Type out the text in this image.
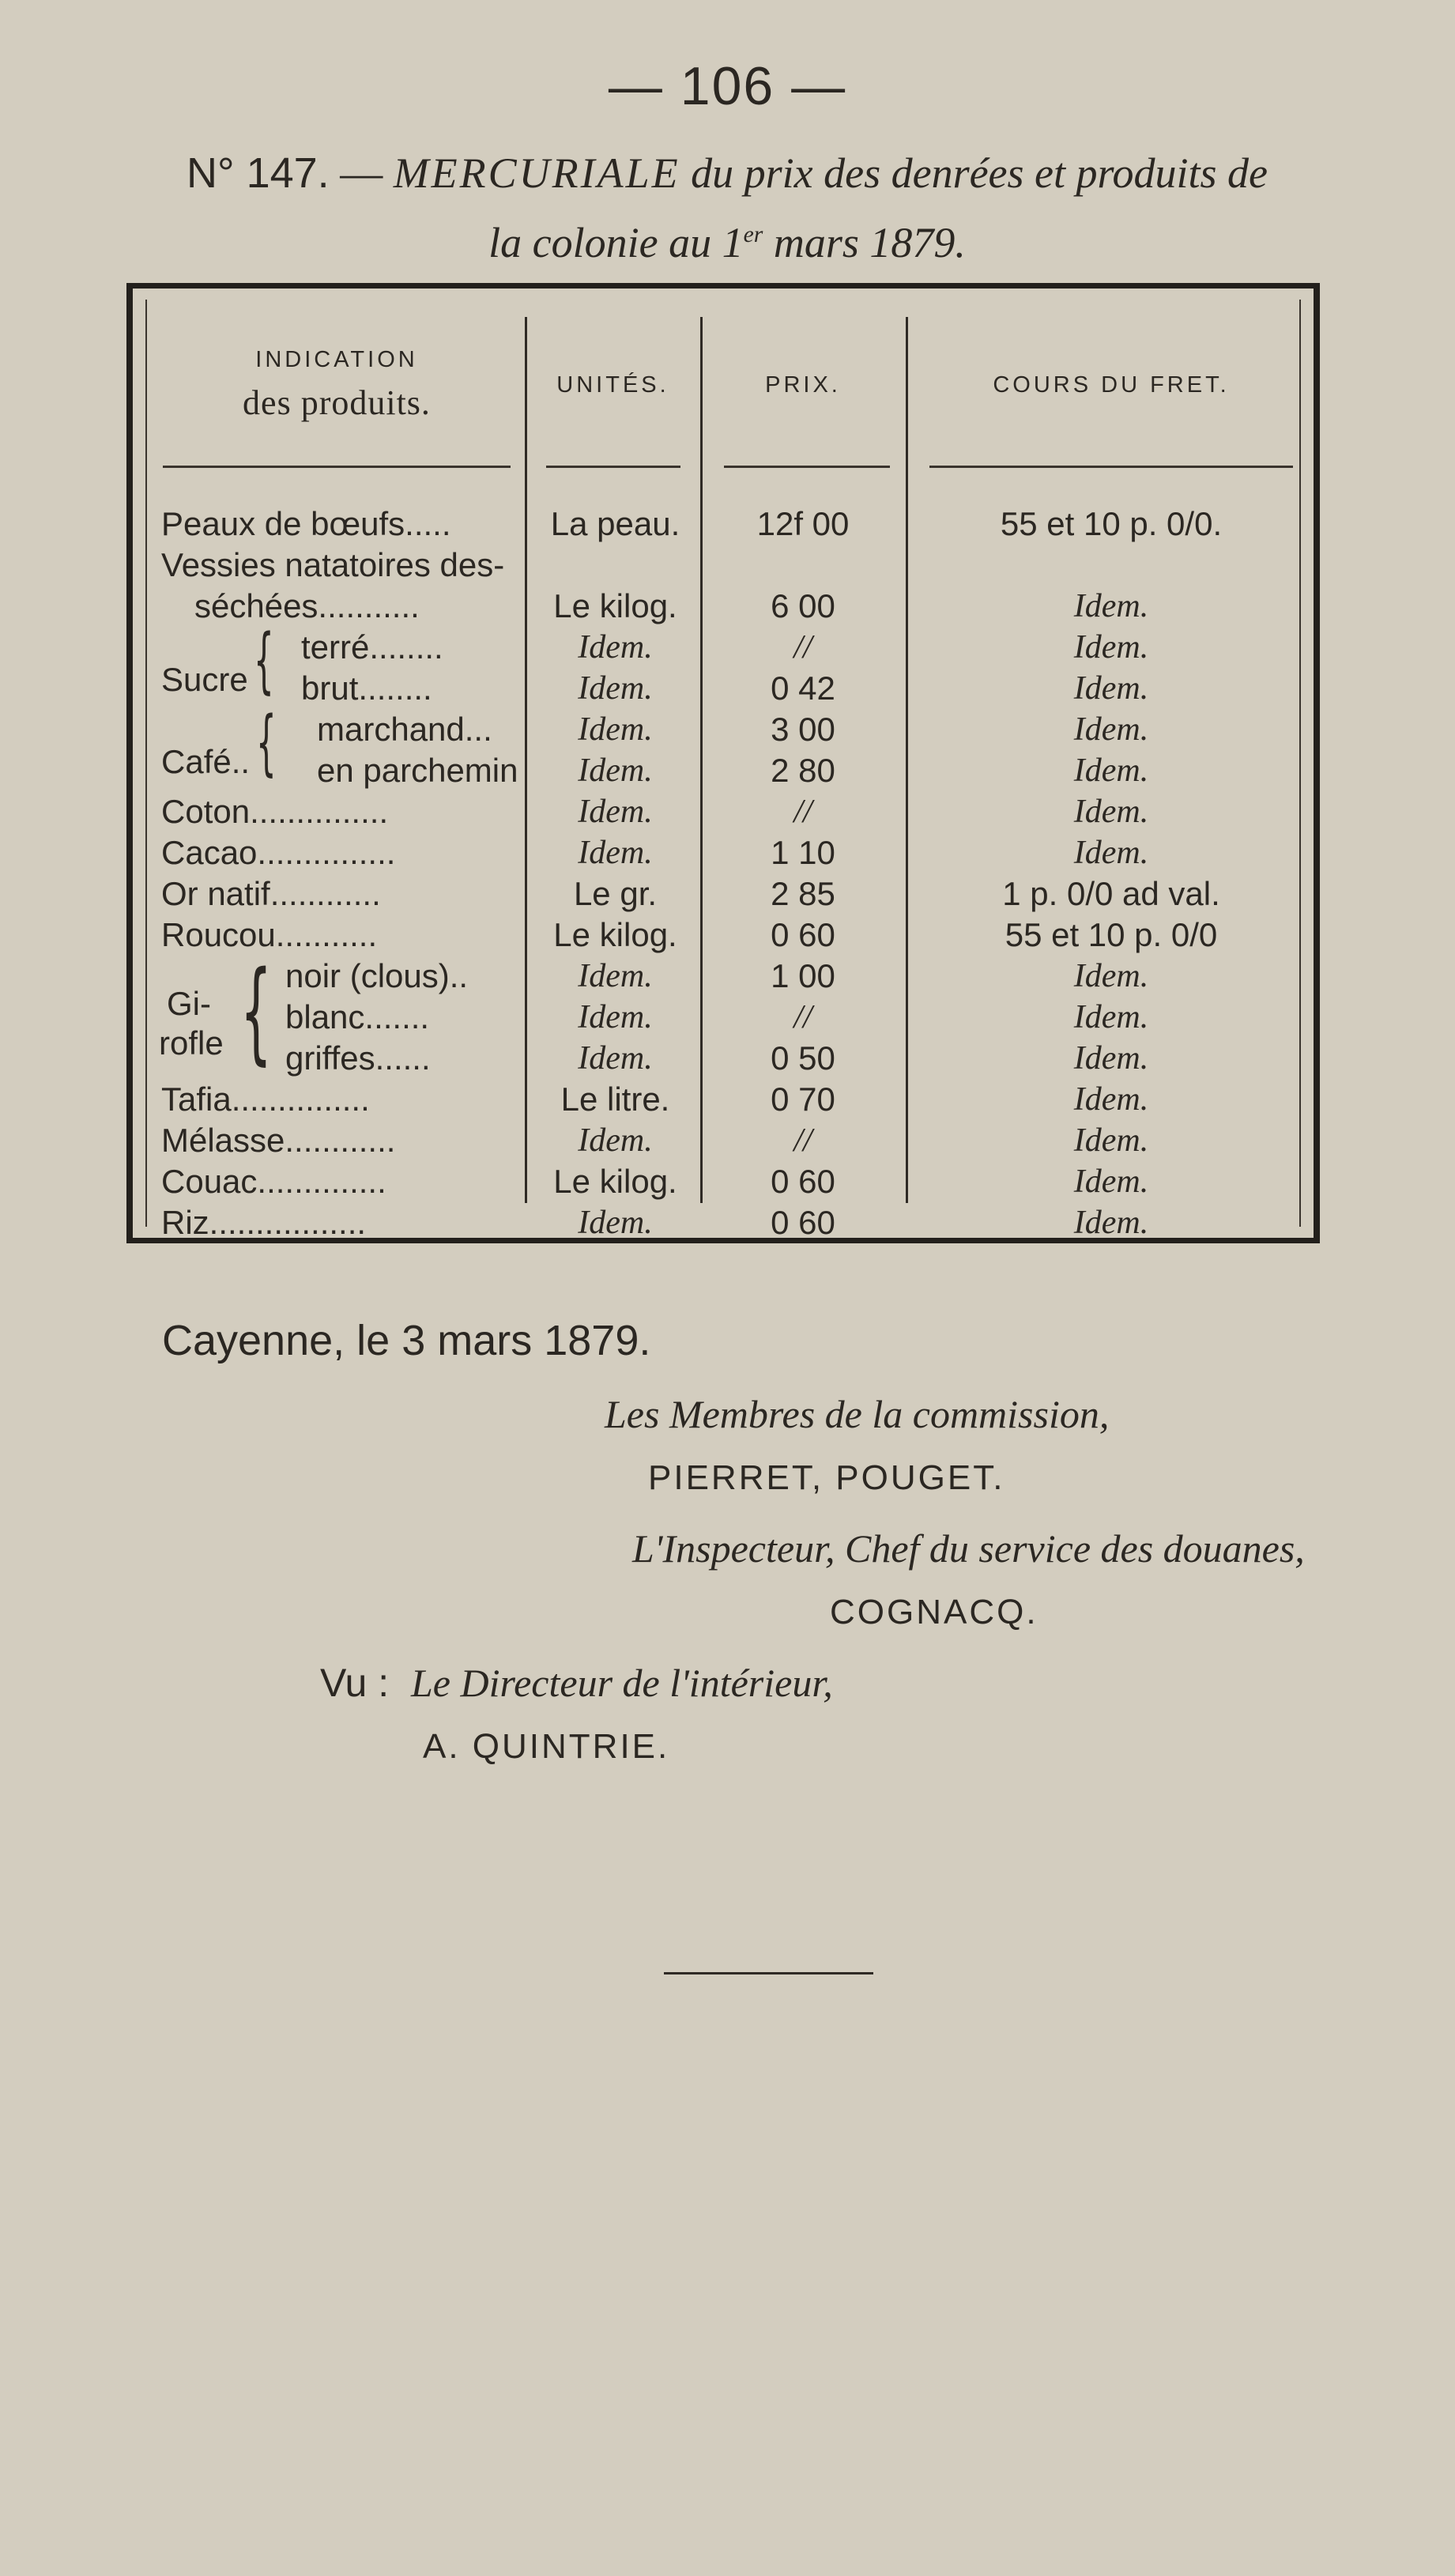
— 106 —
N° 147. — MERCURIALE du prix des denrées et produits de
la colonie au 1er mars 1879.
INDICATION
des produits.	UNITÉS.	PRIX.	COURS DU FRET.
Sucre {
Café.. {
Gi-
rofle {
Peaux de bœufs.....	La peau.	12f 00	55 et 10 p. 0/0.
Vessies natatoires des-
séchées...........	Le kilog.	6 00	Idem.
terré........	Idem.	//	Idem.
brut........	Idem.	0 42	Idem.
marchand...	Idem.	3 00	Idem.
en parchemin	Idem.	2 80	Idem.
Coton...............	Idem.	//	Idem.
Cacao...............	Idem.	1 10	Idem.
Or natif............	Le gr.	2 85	1 p. 0/0 ad val.
Roucou...........	Le kilog.	0 60	55 et 10 p. 0/0
noir (clous)..	Idem.	1 00	Idem.
blanc.......	Idem.	//	Idem.
griffes......	Idem.	0 50	Idem.
Tafia...............	Le litre.	0 70	Idem.
Mélasse............	Idem.	//	Idem.
Couac..............	Le kilog.	0 60	Idem.
Riz.................	Idem.	0 60	Idem.
Cayenne, le 3 mars 1879.
Les Membres de la commission,
PIERRET, POUGET.
L'Inspecteur, Chef du service des douanes,
COGNACQ.
Vu : Le Directeur de l'intérieur,
A. QUINTRIE.
